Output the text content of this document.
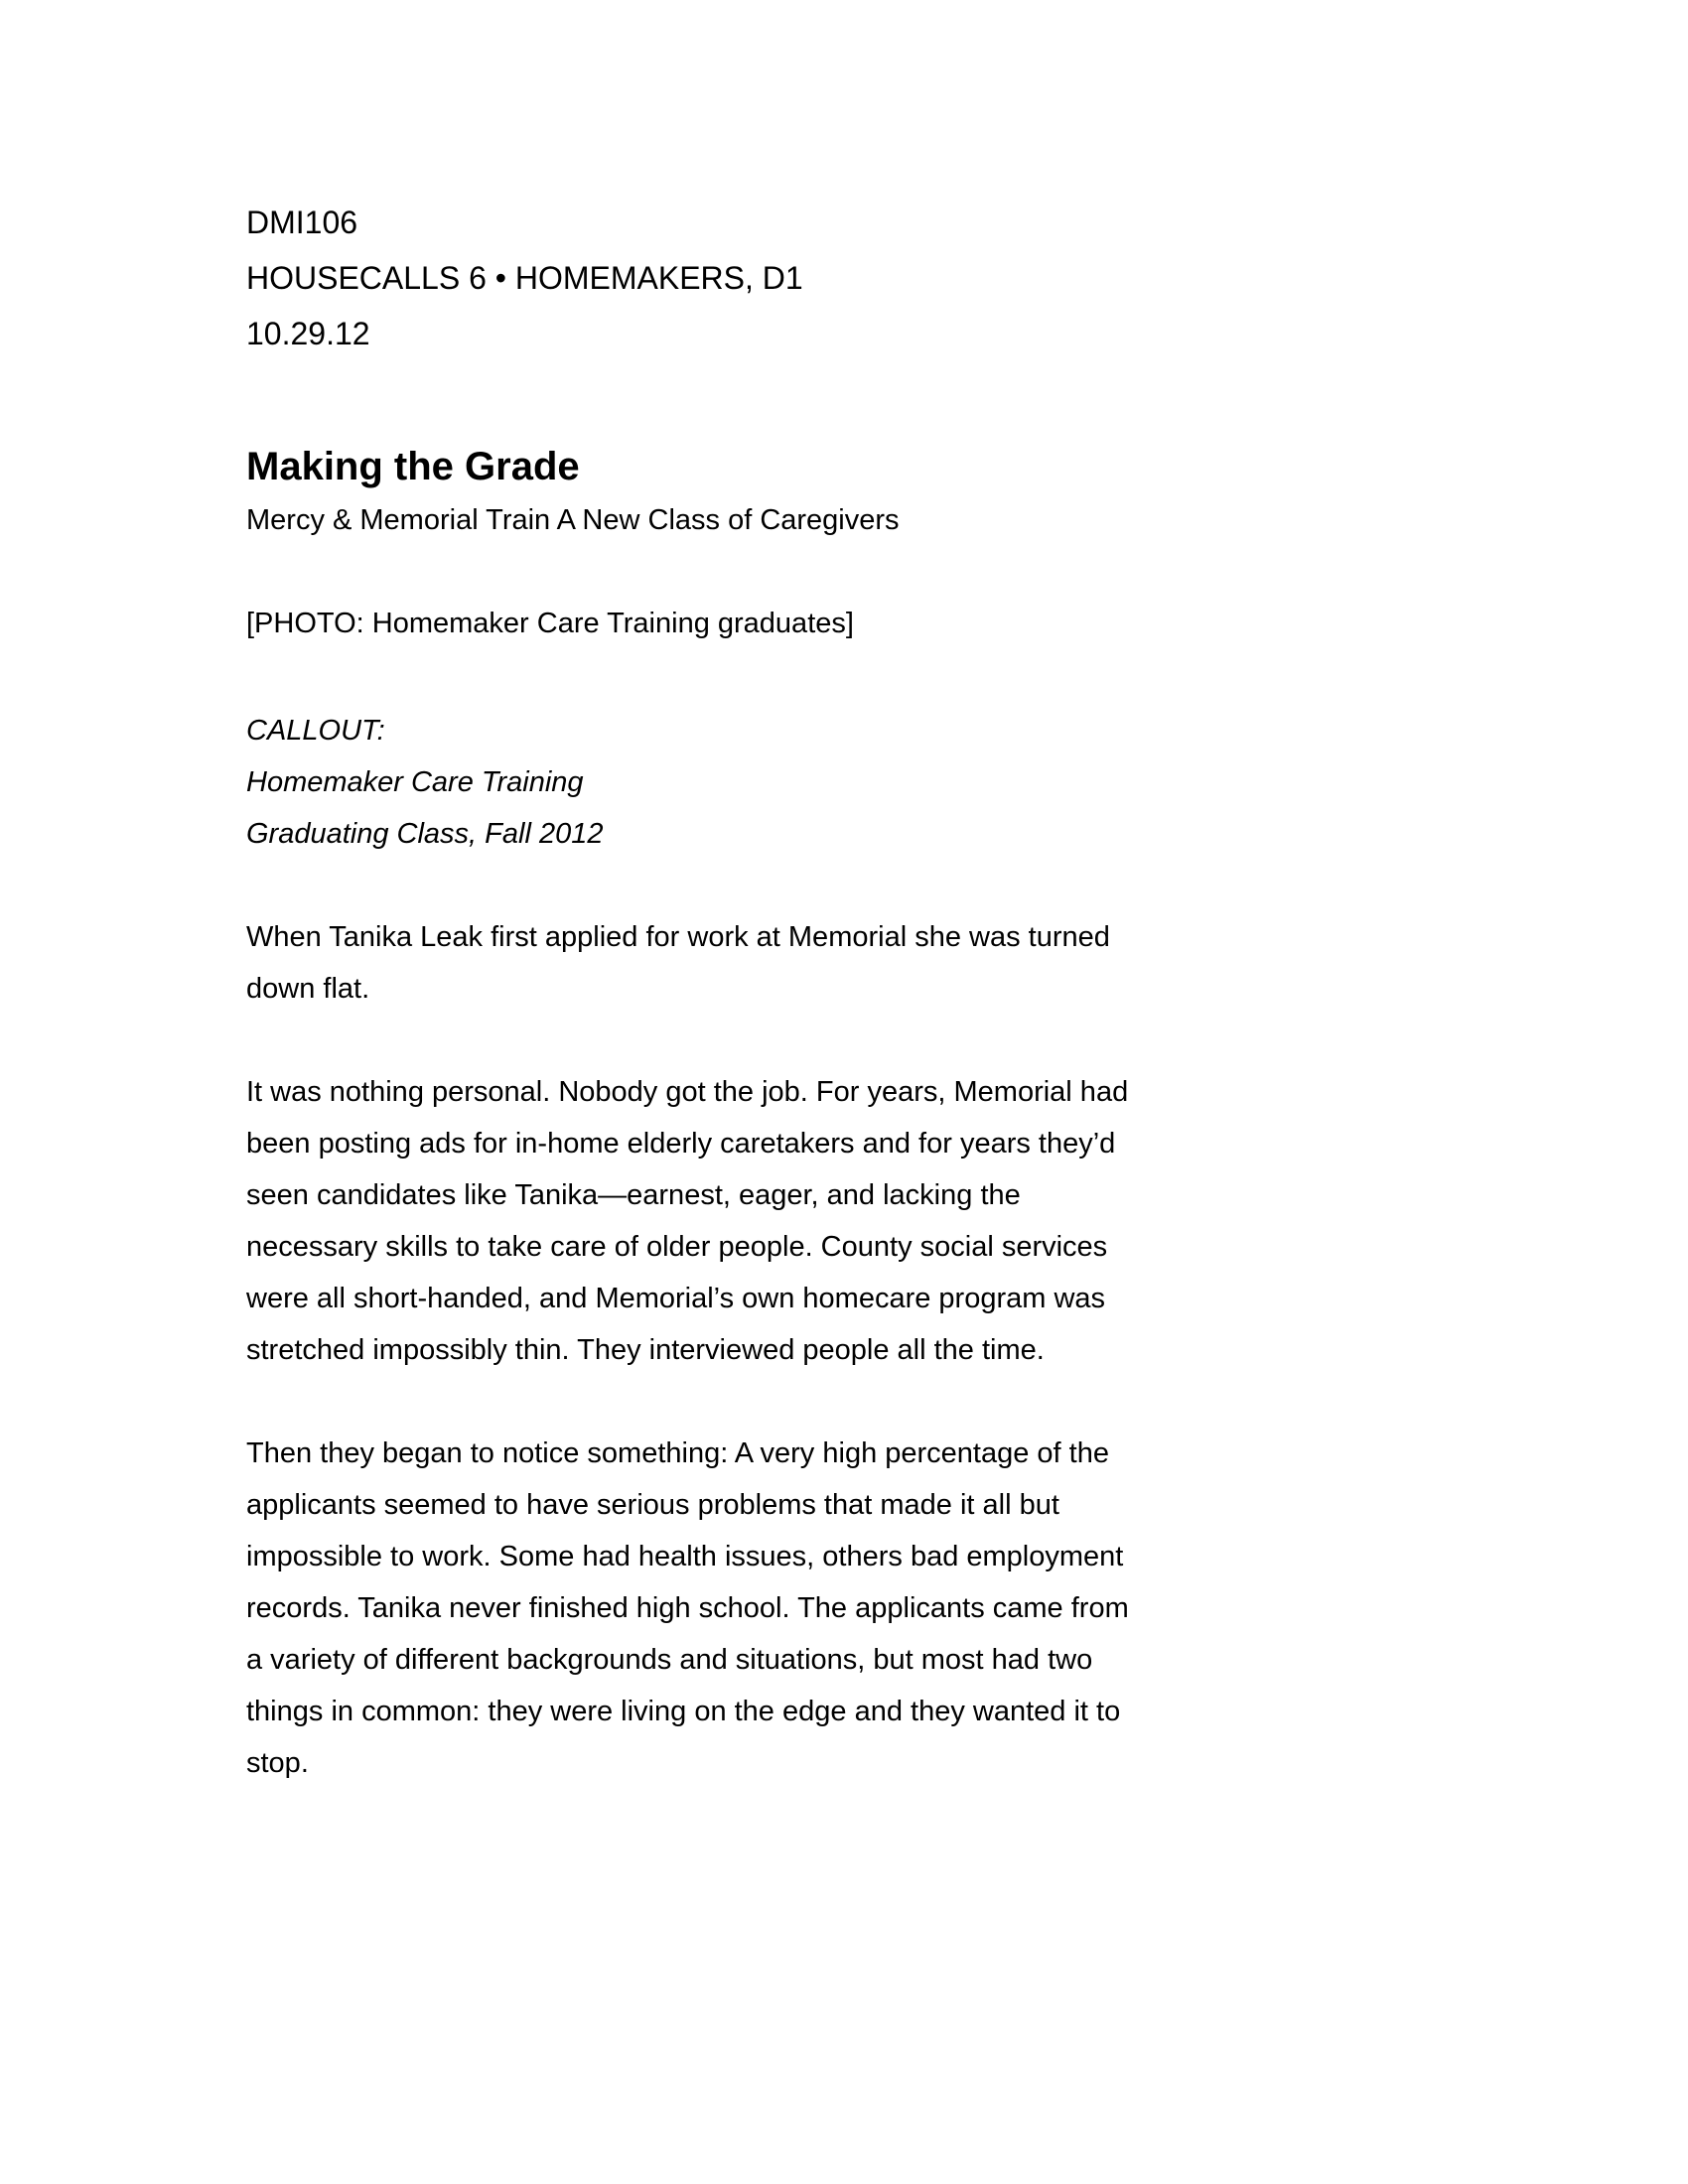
DMI106

HOUSECALLS 6 • HOMEMAKERS, D1

10.29.12

Making the Grade

Mercy & Memorial Train A New Class of Caregivers

[PHOTO: Homemaker Care Training graduates]

CALLOUT:

Homemaker Care Training

Graduating Class, Fall 2012

When Tanika Leak first applied for work at Memorial she was turned down flat.

It was nothing personal. Nobody got the job. For years, Memorial had been posting ads for in-home elderly caretakers and for years they’d seen candidates like Tanika—earnest, eager, and lacking the necessary skills to take care of older people. County social services were all short-handed, and Memorial’s own homecare program was stretched impossibly thin. They interviewed people all the time.

Then they began to notice something: A very high percentage of the applicants seemed to have serious problems that made it all but impossible to work. Some had health issues, others bad employment records. Tanika never finished high school. The applicants came from a variety of different backgrounds and situations, but most had two things in common: they were living on the edge and they wanted it to stop.
